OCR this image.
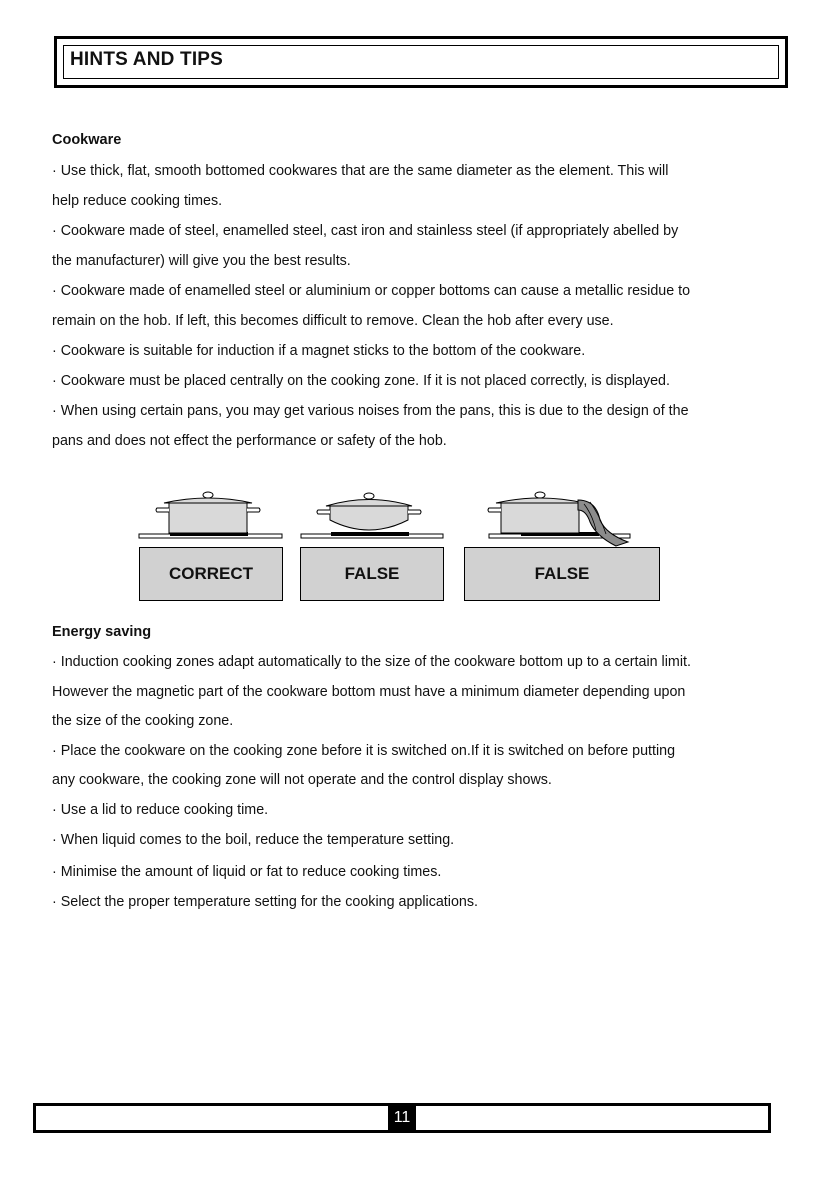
HINTS AND TIPS
Cookware
· Use thick, flat, smooth bottomed cookwares that are the same diameter as the element. This will
help reduce cooking times.
· Cookware made of steel, enamelled steel, cast iron and stainless steel (if appropriately abelled by
the manufacturer) will give you the best results.
· Cookware made of enamelled steel or aluminium or copper bottoms can cause a metallic residue to
remain on the hob. If left, this becomes difficult to remove. Clean the hob after every use.
· Cookware is suitable for induction if a magnet sticks to the bottom of the cookware.
· Cookware must be placed centrally on the cooking zone. If it is not placed correctly, is displayed.
· When using certain pans, you may get various noises from the pans, this is due to the design of the
pans and does not effect the performance or safety of the hob.
CORRECT	FALSE	FALSE
Energy saving
· Induction cooking zones adapt automatically to the size of the cookware bottom up to a certain limit.
However the magnetic part of the cookware bottom must have a minimum diameter depending upon
the size of the cooking zone.
· Place the cookware on the cooking zone before it is switched on.If it is switched on before putting
any cookware, the cooking zone will not operate and the control display shows.
· Use a lid to reduce cooking time.
· When liquid comes to the boil, reduce the temperature setting.
· Minimise the amount of liquid or fat to reduce cooking times.
· Select the proper temperature setting for the cooking applications.
11
